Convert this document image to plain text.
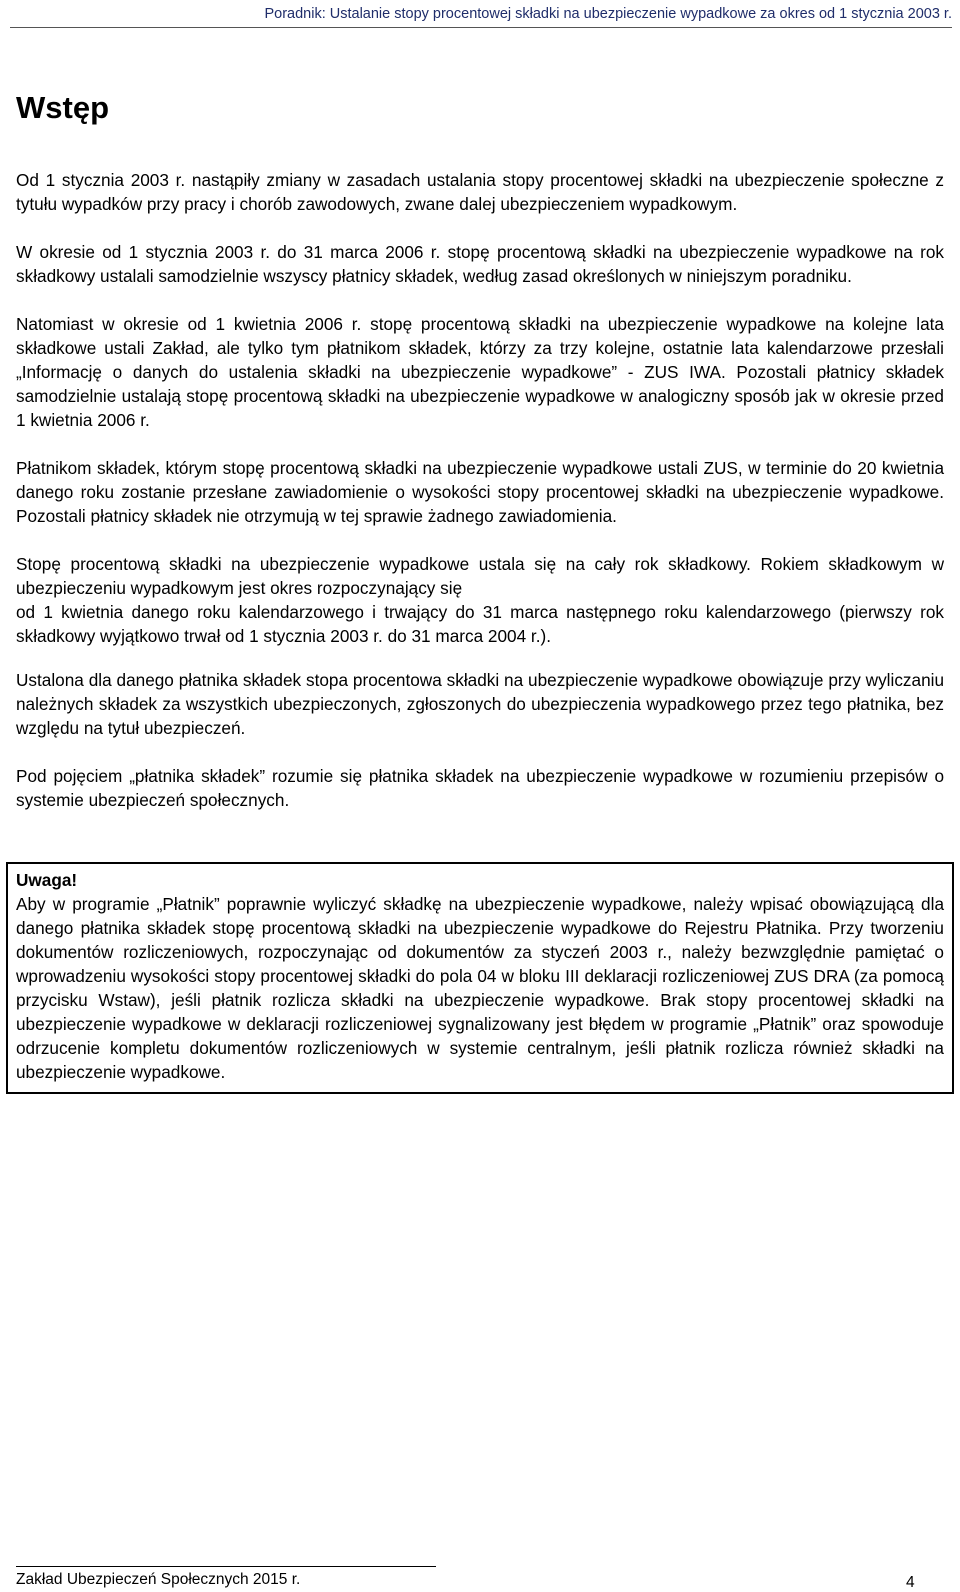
Poradnik: Ustalanie stopy procentowej składki na ubezpieczenie wypadkowe za okres od 1 stycznia 2003 r.
Wstęp

Od 1 stycznia 2003 r. nastąpiły zmiany w zasadach ustalania stopy procentowej składki na ubezpieczenie społeczne z tytułu wypadków przy pracy i chorób zawodowych, zwane dalej ubezpieczeniem wypadkowym.

W okresie od 1 stycznia 2003 r. do 31 marca 2006 r. stopę procentową składki na ubezpieczenie wypadkowe na rok składkowy ustalali samodzielnie wszyscy płatnicy składek, według zasad określonych w niniejszym poradniku.

Natomiast w okresie od 1 kwietnia 2006 r. stopę procentową składki na ubezpieczenie wypadkowe na kolejne lata składkowe ustali Zakład, ale tylko tym płatnikom składek, którzy za trzy kolejne, ostatnie lata kalendarzowe przesłali „Informację o danych do ustalenia składki na ubezpieczenie wypadkowe” - ZUS IWA. Pozostali płatnicy składek samodzielnie ustalają stopę procentową składki na ubezpieczenie wypadkowe w analogiczny sposób jak w okresie przed 1 kwietnia 2006 r.

Płatnikom składek, którym stopę procentową składki na ubezpieczenie wypadkowe ustali ZUS, w terminie do 20 kwietnia danego roku zostanie przesłane zawiadomienie o wysokości stopy procentowej składki na ubezpieczenie wypadkowe. Pozostali płatnicy składek nie otrzymują w tej sprawie żadnego zawiadomienia.

Stopę procentową składki na ubezpieczenie wypadkowe ustala się na cały rok składkowy. Rokiem składkowym w ubezpieczeniu wypadkowym jest okres rozpoczynający się

od 1 kwietnia danego roku kalendarzowego i trwający do 31 marca następnego roku kalendarzowego (pierwszy rok składkowy wyjątkowo trwał od 1 stycznia 2003 r. do 31 marca 2004 r.).

Ustalona dla danego płatnika składek stopa procentowa składki na ubezpieczenie wypadkowe obowiązuje przy wyliczaniu należnych składek za wszystkich ubezpieczonych, zgłoszonych do ubezpieczenia wypadkowego przez tego płatnika, bez względu na tytuł ubezpieczeń.

Pod pojęciem „płatnika składek” rozumie się płatnika składek na ubezpieczenie wypadkowe w rozumieniu przepisów o systemie ubezpieczeń społecznych.

Uwaga!

Aby w programie „Płatnik” poprawnie wyliczyć składkę na ubezpieczenie wypadkowe, należy wpisać obowiązującą dla danego płatnika składek stopę procentową składki na ubezpieczenie wypadkowe do Rejestru Płatnika. Przy tworzeniu dokumentów rozliczeniowych, rozpoczynając od dokumentów za styczeń 2003 r., należy bezwzględnie pamiętać o wprowadzeniu wysokości stopy procentowej składki do pola 04 w bloku III deklaracji rozliczeniowej ZUS DRA (za pomocą przycisku Wstaw), jeśli płatnik rozlicza składki na ubezpieczenie wypadkowe. Brak stopy procentowej składki na ubezpieczenie wypadkowe w deklaracji rozliczeniowej sygnalizowany jest błędem w programie „Płatnik” oraz spowoduje odrzucenie kompletu dokumentów rozliczeniowych w systemie centralnym, jeśli płatnik rozlicza również składki na ubezpieczenie wypadkowe.

Zakład Ubezpieczeń Społecznych 2015 r.	4
